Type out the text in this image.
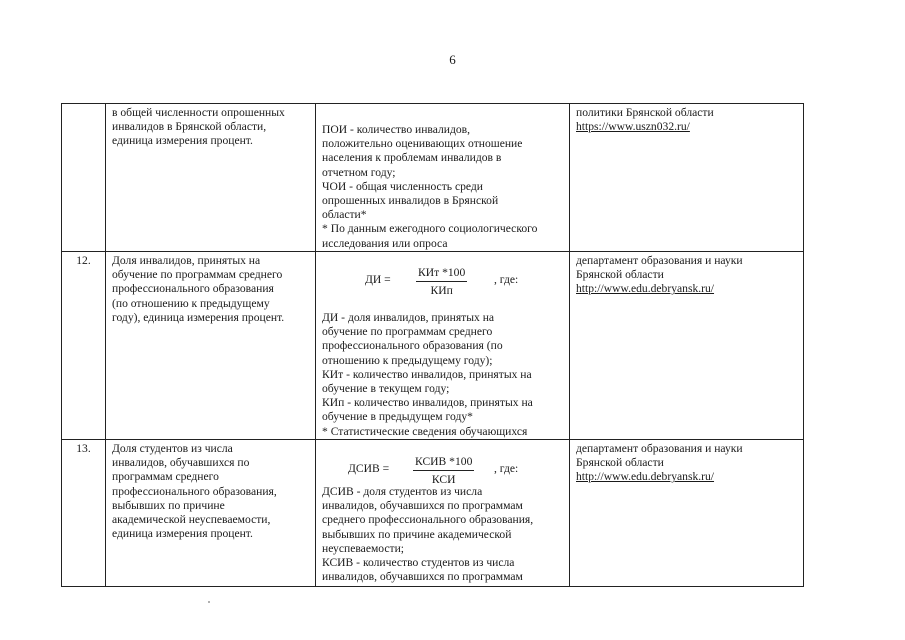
6
в общей численности опрошенных
инвалидов в Брянской области,
единица измерения процент.
ПОИ - количество инвалидов,
положительно оценивающих отношение
населения к проблемам инвалидов в
отчетном году;
ЧОИ - общая численность среди
опрошенных инвалидов в Брянской
области*
* По данным ежегодного социологического
исследования или опроса
политики Брянской области
https://www.uszn032.ru/
12.	Доля инвалидов, принятых на
обучение по программам среднего
профессионального образования
(по отношению к предыдущему
году), единица измерения процент.
ДИ =
КИт *100
КИп
, где:
ДИ - доля инвалидов, принятых на
обучение по программам среднего
профессионального образования (по
отношению к предыдущему году);
КИт - количество инвалидов, принятых на
обучение в текущем году;
КИп - количество инвалидов, принятых на
обучение в предыдущем году*
* Статистические сведения обучающихся
департамент образования и науки
Брянской области
http://www.edu.debryansk.ru/
13.	Доля студентов из числа
инвалидов, обучавшихся по
программам среднего
профессионального образования,
выбывших по причине
академической неуспеваемости,
единица измерения процент.
ДСИВ =
КСИВ *100
КСИ
, где:
ДСИВ - доля студентов из числа
инвалидов, обучавшихся по программам
среднего профессионального образования,
выбывших по причине академической
неуспеваемости;
КСИВ - количество студентов из числа
инвалидов, обучавшихся по программам
департамент образования и науки
Брянской области
http://www.edu.debryansk.ru/
